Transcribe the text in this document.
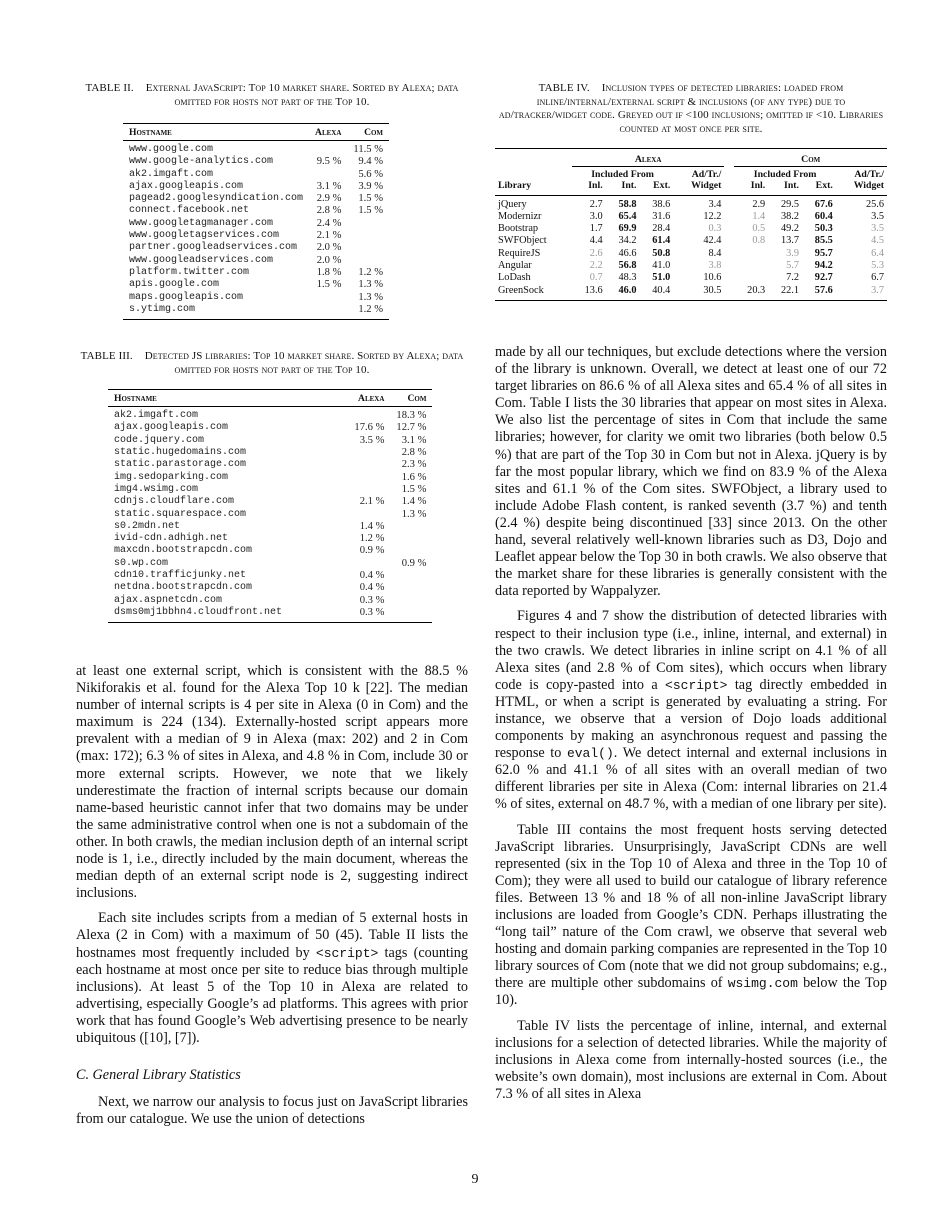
TABLE II. External JavaScript: Top 10 market share. Sorted by Alexa; data omitted for hosts not part of the Top 10.
Hostname	Alexa	Com
www.google.com		11.5 %
www.google-analytics.com	9.5 %	9.4 %
ak2.imgaft.com		5.6 %
ajax.googleapis.com	3.1 %	3.9 %
pagead2.googlesyndication.com	2.9 %	1.5 %
connect.facebook.net	2.8 %	1.5 %
www.googletagmanager.com	2.4 %	
www.googletagservices.com	2.1 %	
partner.googleadservices.com	2.0 %	
www.googleadservices.com	2.0 %	
platform.twitter.com	1.8 %	1.2 %
apis.google.com	1.5 %	1.3 %
maps.googleapis.com		1.3 %
s.ytimg.com		1.2 %
TABLE III. Detected JS libraries: Top 10 market share. Sorted by Alexa; data omitted for hosts not part of the Top 10.
Hostname	Alexa	Com
ak2.imgaft.com		18.3 %
ajax.googleapis.com	17.6 %	12.7 %
code.jquery.com	3.5 %	3.1 %
static.hugedomains.com		2.8 %
static.parastorage.com		2.3 %
img.sedoparking.com		1.6 %
img4.wsimg.com		1.5 %
cdnjs.cloudflare.com	2.1 %	1.4 %
static.squarespace.com		1.3 %
s0.2mdn.net	1.4 %	
ivid-cdn.adhigh.net	1.2 %	
maxcdn.bootstrapcdn.com	0.9 %	
s0.wp.com		0.9 %
cdn10.trafficjunky.net	0.4 %	
netdna.bootstrapcdn.com	0.4 %	
ajax.aspnetcdn.com	0.3 %	
dsms0mj1bbhn4.cloudfront.net	0.3 %	

at least one external script, which is consistent with the 88.5 % Nikiforakis et al. found for the Alexa Top 10 k [22]. The median number of internal scripts is 4 per site in Alexa (0 in Com) and the maximum is 224 (134). Externally-hosted script appears more prevalent with a median of 9 in Alexa (max: 202) and 2 in Com (max: 172); 6.3 % of sites in Alexa, and 4.8 % in Com, include 30 or more external scripts. However, we note that we likely underestimate the fraction of internal scripts because our domain name-based heuristic cannot infer that two domains may be under the same administrative control when one is not a subdomain of the other. In both crawls, the median inclusion depth of an internal script node is 1, i.e., directly included by the main document, whereas the median depth of an external script node is 2, suggesting indirect inclusions.

Each site includes scripts from a median of 5 external hosts in Alexa (2 in Com) with a maximum of 50 (45). Table II lists the hostnames most frequently included by <script> tags (counting each hostname at most once per site to reduce bias through multiple inclusions). At least 5 of the Top 10 in Alexa are related to advertising, especially Google’s ad platforms. This agrees with prior work that has found Google’s Web advertising presence to be nearly ubiquitous ([10], [7]).

C. General Library Statistics

Next, we narrow our analysis to focus just on JavaScript libraries from our catalogue. We use the union of detections

TABLE IV. Inclusion types of detected libraries: loaded from inline/internal/external script & inclusions (of any type) due to ad/tracker/widget code. Greyed out if <100 inclusions; omitted if <10. Libraries counted at most once per site.
	Alexa					Com			
	Included From			Ad/Tr./		Included From			Ad/Tr./
Library	Inl.	Int.	Ext.	Widget		Inl.	Int.	Ext.	Widget
jQuery	2.7	58.8	38.6	3.4		2.9	29.5	67.6	25.6
Modernizr	3.0	65.4	31.6	12.2		1.4	38.2	60.4	3.5
Bootstrap	1.7	69.9	28.4	0.3		0.5	49.2	50.3	3.5
SWFObject	4.4	34.2	61.4	42.4		0.8	13.7	85.5	4.5
RequireJS	2.6	46.6	50.8	8.4			3.9	95.7	6.4
Angular	2.2	56.8	41.0	3.8			5.7	94.2	5.3
LoDash	0.7	48.3	51.0	10.6			7.2	92.7	6.7
GreenSock	13.6	46.0	40.4	30.5		20.3	22.1	57.6	3.7

made by all our techniques, but exclude detections where the version of the library is unknown. Overall, we detect at least one of our 72 target libraries on 86.6 % of all Alexa sites and 65.4 % of all sites in Com. Table I lists the 30 libraries that appear on most sites in Alexa. We also list the percentage of sites in Com that include the same libraries; however, for clarity we omit two libraries (both below 0.5 %) that are part of the Top 30 in Com but not in Alexa. jQuery is by far the most popular library, which we find on 83.9 % of the Alexa sites and 61.1 % of the Com sites. SWFObject, a library used to include Adobe Flash content, is ranked seventh (3.7 %) and tenth (2.4 %) despite being discontinued [33] since 2013. On the other hand, several relatively well-known libraries such as D3, Dojo and Leaflet appear below the Top 30 in both crawls. We also observe that the market share for these libraries is generally consistent with the data reported by Wappalyzer.

Figures 4 and 7 show the distribution of detected libraries with respect to their inclusion type (i.e., inline, internal, and external) in the two crawls. We detect libraries in inline script on 4.1 % of all Alexa sites (and 2.8 % of Com sites), which occurs when library code is copy-pasted into a <script> tag directly embedded in HTML, or when a script is generated by evaluating a string. For instance, we observe that a version of Dojo loads additional components by making an asynchronous request and passing the response to eval(). We detect internal and external inclusions in 62.0 % and 41.1 % of all sites with an overall median of two different libraries per site in Alexa (Com: internal libraries on 21.4 % of sites, external on 48.7 %, with a median of one library per site).

Table III contains the most frequent hosts serving detected JavaScript libraries. Unsurprisingly, JavaScript CDNs are well represented (six in the Top 10 of Alexa and three in the Top 10 of Com); they were all used to build our catalogue of library reference files. Between 13 % and 18 % of all non-inline JavaScript library inclusions are loaded from Google’s CDN. Perhaps illustrating the “long tail” nature of the Com crawl, we observe that several web hosting and domain parking companies are represented in the Top 10 library sources of Com (note that we did not group subdomains; e.g., there are multiple other subdomains of wsimg.com below the Top 10).

Table IV lists the percentage of inline, internal, and external inclusions for a selection of detected libraries. While the majority of inclusions in Alexa come from internally-hosted sources (i.e., the website’s own domain), most inclusions are external in Com. About 7.3 % of all sites in Alexa

9
